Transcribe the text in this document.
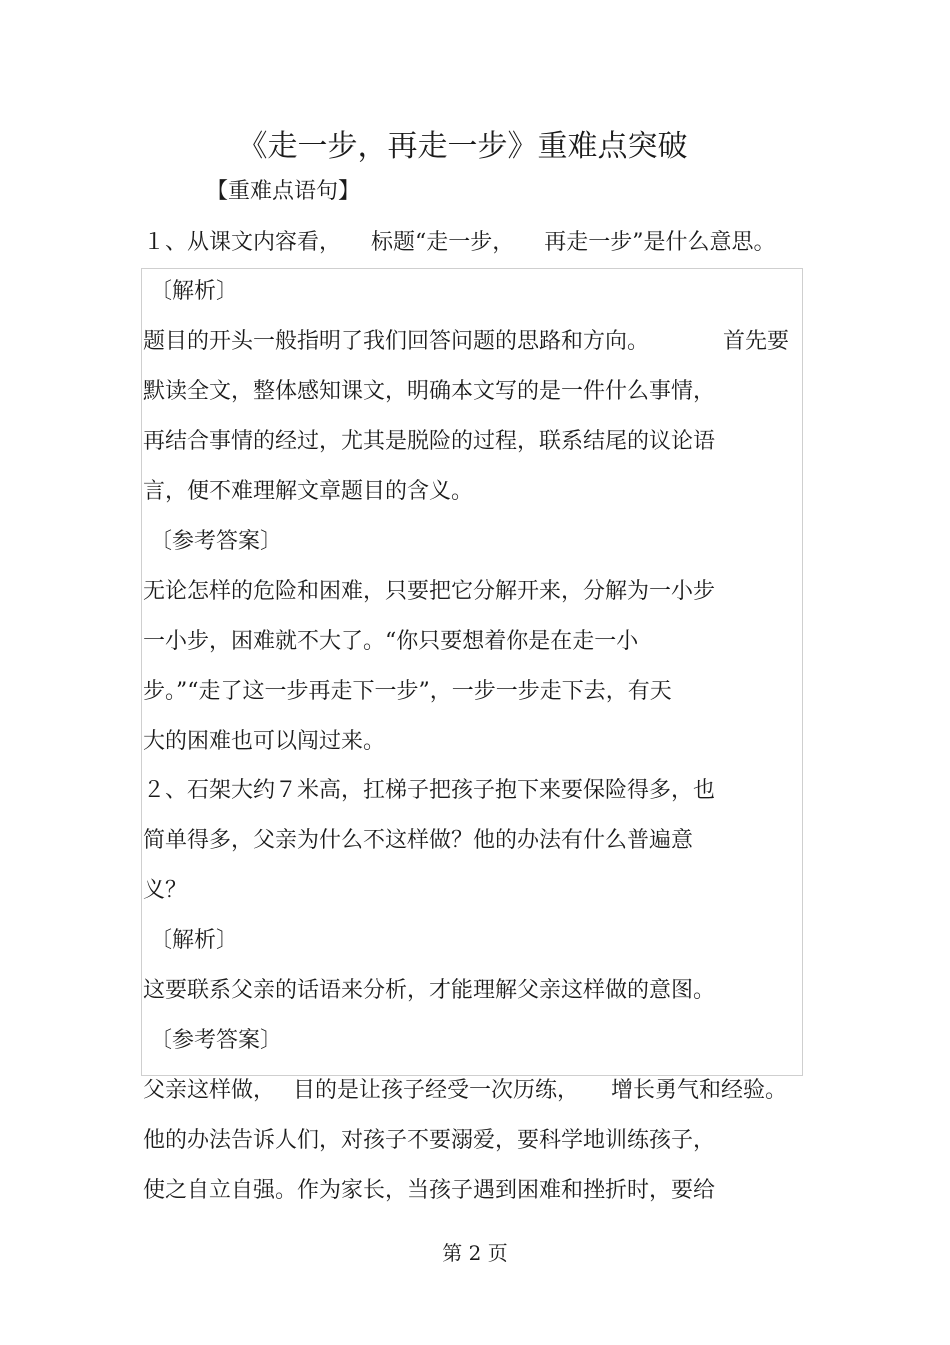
《走一步，再走一步》重难点突破
【重难点语句】
１、从课文内容看， 标题“走一步， 再走一步”是什么意思。
〔解析〕
题目的开头一般指明了我们回答问题的思路和方向。	首先要
默读全文，整体感知课文，明确本文写的是一件什么事情，
再结合事情的经过，尤其是脱险的过程，联系结尾的议论语
言，便不难理解文章题目的含义。
〔参考答案〕
无论怎样的危险和困难，只要把它分解开来，分解为一小步
一小步，困难就不大了。“你只要想着你是在走一小
步。”“走了这一步再走下一步”，一步一步走下去，有天
大的困难也可以闯过来。
２、石架大约７米高，扛梯子把孩子抱下来要保险得多，也
简单得多，父亲为什么不这样做？他的办法有什么普遍意
义？
〔解析〕
这要联系父亲的话语来分析，才能理解父亲这样做的意图。
〔参考答案〕
父亲这样做， 目的是让孩子经受一次历练， 增长勇气和经验。
他的办法告诉人们，对孩子不要溺爱，要科学地训练孩子，
使之自立自强。作为家长，当孩子遇到困难和挫折时，要给
第 2 页
